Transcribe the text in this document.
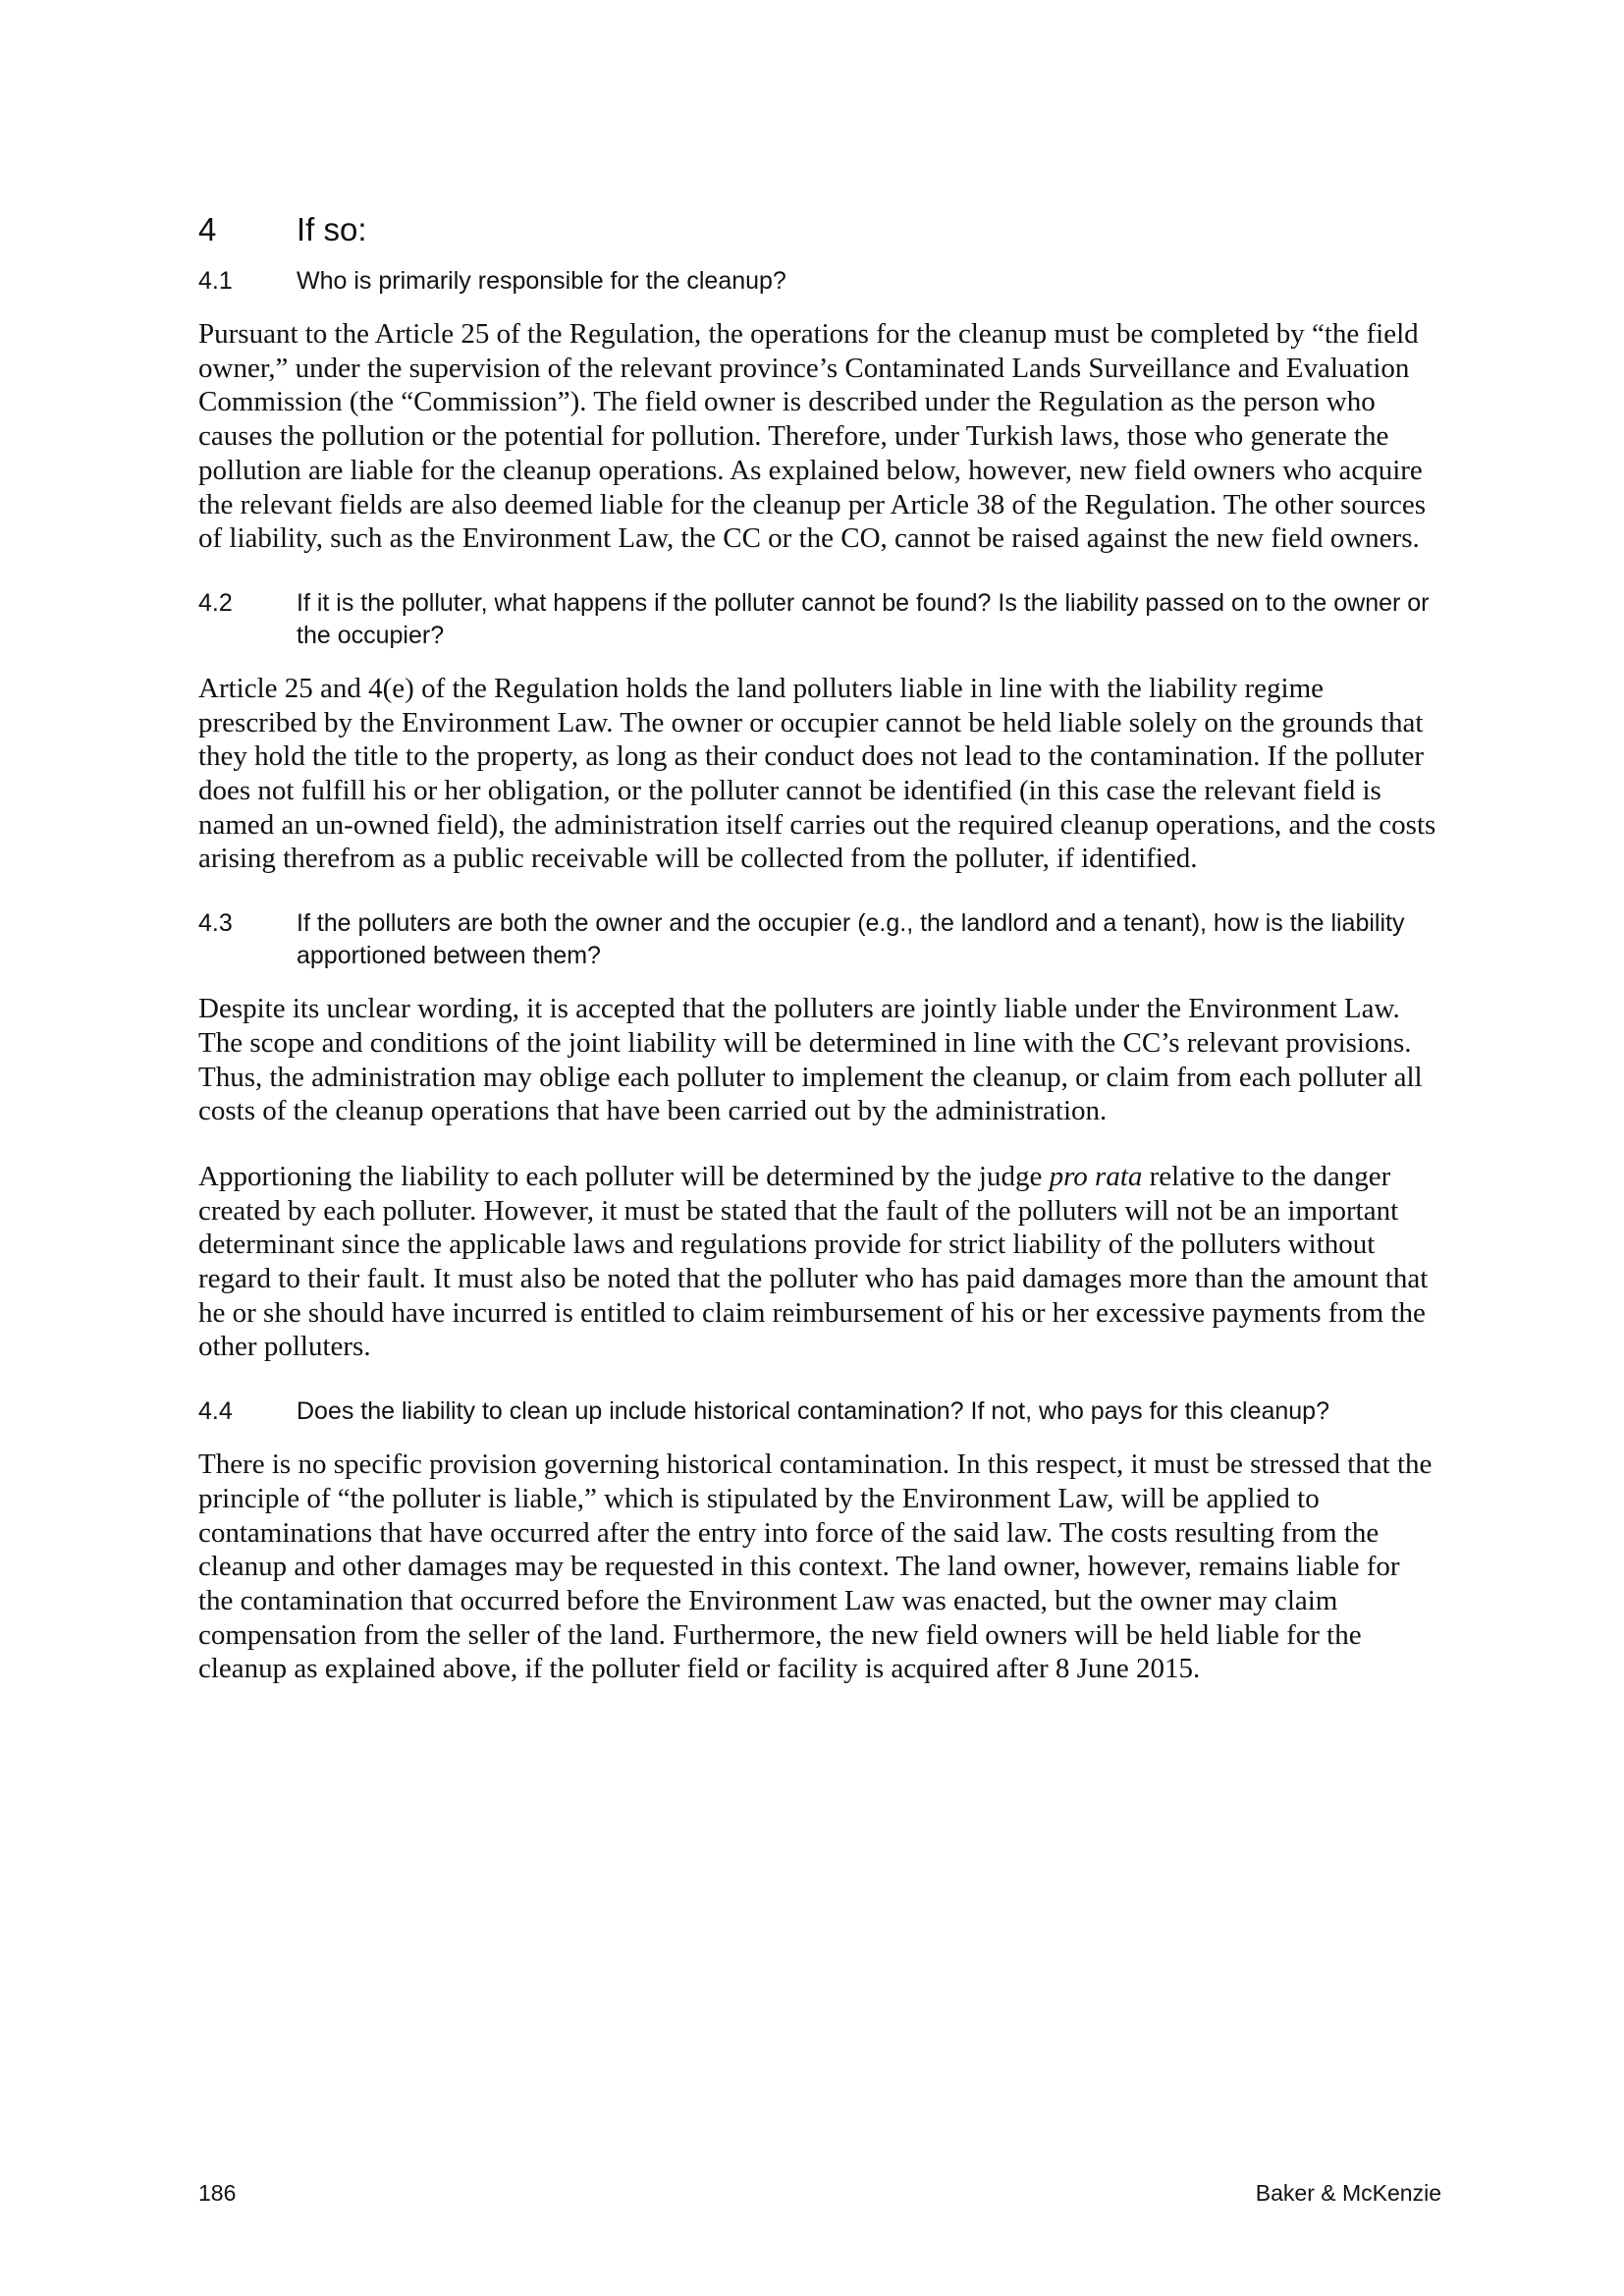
4	If so:
4.1	Who is primarily responsible for the cleanup?

Pursuant to the Article 25 of the Regulation, the operations for the cleanup must be completed by “the field owner,” under the supervision of the relevant province’s Contaminated Lands Surveillance and Evaluation Commission (the “Commission”). The field owner is described under the Regulation as the person who causes the pollution or the potential for pollution. Therefore, under Turkish laws, those who generate the pollution are liable for the cleanup operations. As explained below, however, new field owners who acquire the relevant fields are also deemed liable for the cleanup per Article 38 of the Regulation. The other sources of liability, such as the Environment Law, the CC or the CO, cannot be raised against the new field owners.

4.2	If it is the polluter, what happens if the polluter cannot be found? Is the liability passed on to the owner or the occupier?

Article 25 and 4(e) of the Regulation holds the land polluters liable in line with the liability regime prescribed by the Environment Law. The owner or occupier cannot be held liable solely on the grounds that they hold the title to the property, as long as their conduct does not lead to the contamination. If the polluter does not fulfill his or her obligation, or the polluter cannot be identified (in this case the relevant field is named an un-owned field), the administration itself carries out the required cleanup operations, and the costs arising therefrom as a public receivable will be collected from the polluter, if identified.

4.3	If the polluters are both the owner and the occupier (e.g., the landlord and a tenant), how is the liability apportioned between them?

Despite its unclear wording, it is accepted that the polluters are jointly liable under the Environment Law. The scope and conditions of the joint liability will be determined in line with the CC’s relevant provisions. Thus, the administration may oblige each polluter to implement the cleanup, or claim from each polluter all costs of the cleanup operations that have been carried out by the administration.

Apportioning the liability to each polluter will be determined by the judge pro rata relative to the danger created by each polluter. However, it must be stated that the fault of the polluters will not be an important determinant since the applicable laws and regulations provide for strict liability of the polluters without regard to their fault. It must also be noted that the polluter who has paid damages more than the amount that he or she should have incurred is entitled to claim reimbursement of his or her excessive payments from the other polluters.

4.4	Does the liability to clean up include historical contamination? If not, who pays for this cleanup?

There is no specific provision governing historical contamination. In this respect, it must be stressed that the principle of “the polluter is liable,” which is stipulated by the Environment Law, will be applied to contaminations that have occurred after the entry into force of the said law. The costs resulting from the cleanup and other damages may be requested in this context. The land owner, however, remains liable for the contamination that occurred before the Environment Law was enacted, but the owner may claim compensation from the seller of the land. Furthermore, the new field owners will be held liable for the cleanup as explained above, if the polluter field or facility is acquired after 8 June 2015.

186	Baker & McKenzie
